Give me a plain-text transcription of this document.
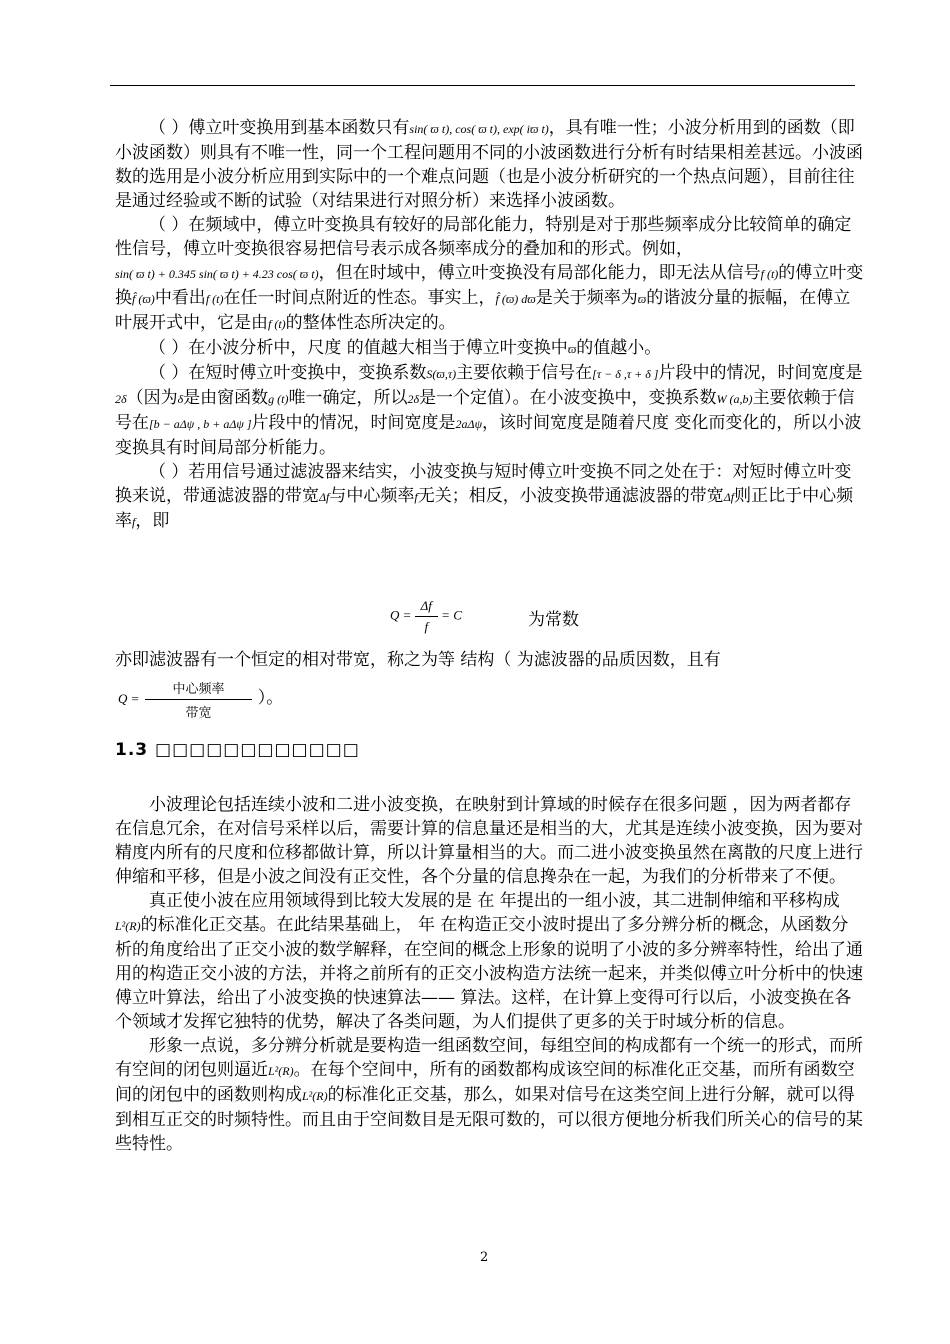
（ ）傅立叶变换用到基本函数只有sin( ϖ t), cos( ϖ t), exp( iϖ t)，具有唯一性；小波分析用到的函数（即小波函数）则具有不唯一性，同一个工程问题用不同的小波函数进行分析有时结果相差甚远。小波函数的选用是小波分析应用到实际中的一个难点问题（也是小波分析研究的一个热点问题），目前往往是通过经验或不断的试验（对结果进行对照分析）来选择小波函数。
（ ）在频域中，傅立叶变换具有较好的局部化能力，特别是对于那些频率成分比较简单的确定性信号，傅立叶变换很容易把信号表示成各频率成分的叠加和的形式。例如，sin( ϖ t) + 0.345 sin( ϖ t) + 4.23 cos( ϖ t)，但在时域中，傅立叶变换没有局部化能力，即无法从信号f (t)的傅立叶变换f̂ (ϖ)中看出f (t)在任一时间点附近的性态。事实上，f̂ (ϖ) dϖ是关于频率为ϖ的谐波分量的振幅，在傅立叶展开式中，它是由f (t)的整体性态所决定的。
（ ）在小波分析中，尺度 的值越大相当于傅立叶变换中ϖ的值越小。
（ ）在短时傅立叶变换中，变换系数S(ϖ,τ)主要依赖于信号在[τ − δ ,τ + δ ]片段中的情况，时间宽度是2δ（因为δ是由窗函数g (t)唯一确定，所以2δ是一个定值）。在小波变换中，变换系数W (a,b)主要依赖于信号在[b − aΔψ , b + aΔψ ]片段中的情况，时间宽度是2aΔψ，该时间宽度是随着尺度 变化而变化的，所以小波变换具有时间局部分析能力。
（ ）若用信号通过滤波器来结实，小波变换与短时傅立叶变换不同之处在于：对短时傅立叶变换来说，带通滤波器的带宽Δf与中心频率f无关；相反，小波变换带通滤波器的带宽Δf则正比于中心频率f，即
$Q = \frac{\Delta f}{f} = C$	为常数
亦即滤波器有一个恒定的相对带宽，称之为等 结构（ 为滤波器的品质因数，且有
$Q = \frac{\text{中心频率}}{\text{带宽}}$ ）。
1.3 □□□□□□□□□□□□
小波理论包括连续小波和二进小波变换，在映射到计算域的时候存在很多问题 ，因为两者都存在信息冗余，在对信号采样以后，需要计算的信息量还是相当的大，尤其是连续小波变换，因为要对精度内所有的尺度和位移都做计算，所以计算量相当的大。而二进小波变换虽然在离散的尺度上进行伸缩和平移，但是小波之间没有正交性，各个分量的信息搀杂在一起，为我们的分析带来了不便。
真正使小波在应用领域得到比较大发展的是 在 年提出的一组小波，其二进制伸缩和平移构成L²(R)的标准化正交基。在此结果基础上， 年 在构造正交小波时提出了多分辨分析的概念，从函数分析的角度给出了正交小波的数学解释，在空间的概念上形象的说明了小波的多分辨率特性，给出了通用的构造正交小波的方法，并将之前所有的正交小波构造方法统一起来，并类似傅立叶分析中的快速傅立叶算法，给出了小波变换的快速算法—— 算法。这样，在计算上变得可行以后，小波变换在各个领域才发挥它独特的优势，解决了各类问题，为人们提供了更多的关于时域分析的信息。
形象一点说，多分辨分析就是要构造一组函数空间，每组空间的构成都有一个统一的形式，而所有空间的闭包则逼近L²(R)。在每个空间中，所有的函数都构成该空间的标准化正交基，而所有函数空间的闭包中的函数则构成L²(R)的标准化正交基，那么，如果对信号在这类空间上进行分解，就可以得到相互正交的时频特性。而且由于空间数目是无限可数的，可以很方便地分析我们所关心的信号的某些特性。
2
